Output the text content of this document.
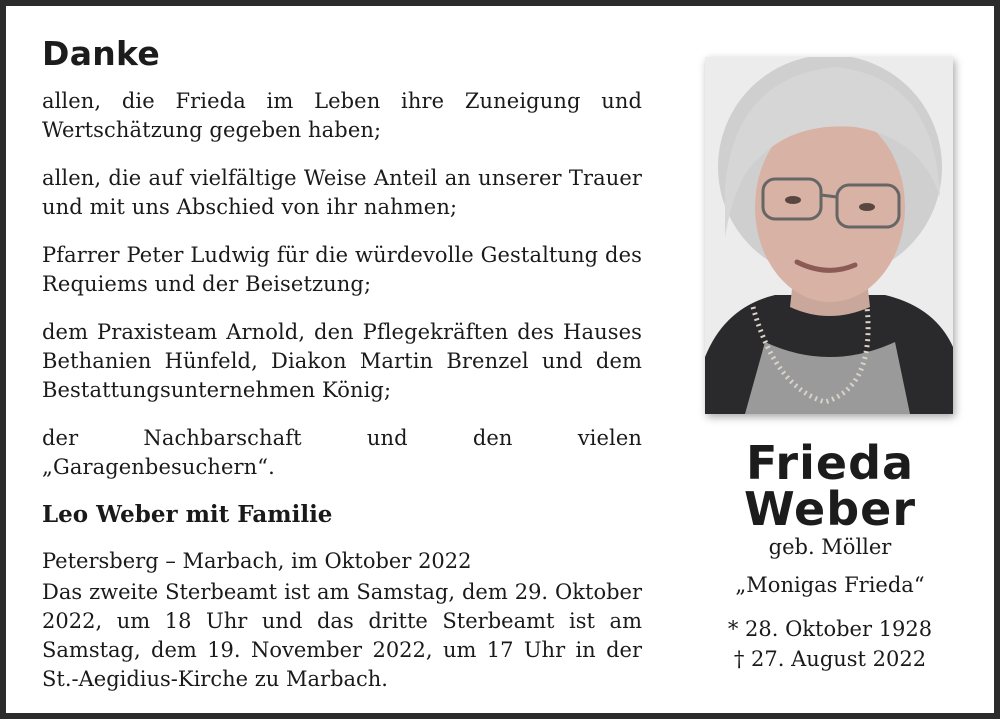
Danke

allen, die Frieda im Leben ihre Zuneigung und Wertschätzung gegeben haben;

allen, die auf vielfältige Weise Anteil an unserer Trauer und mit uns Abschied von ihr nahmen;

Pfarrer Peter Ludwig für die würdevolle Gestaltung des Requiems und der Beisetzung;

dem Praxisteam Arnold, den Pflegekräften des Hauses Bethanien Hünfeld, Diakon Martin Brenzel und dem Bestattungsunternehmen König;

der Nachbarschaft und den vielen „Garagenbesuchern“.

Leo Weber mit Familie

Petersberg – Marbach, im Oktober 2022

Das zweite Sterbeamt ist am Samstag, dem 29. Oktober 2022, um 18 Uhr und das dritte Sterbeamt ist am Samstag, dem 19. November 2022, um 17 Uhr in der St.-Aegidius-Kirche zu Marbach.

Frieda

Weber

geb. Möller

„Monigas Frieda“

* 28. Oktober 1928

† 27. August 2022
